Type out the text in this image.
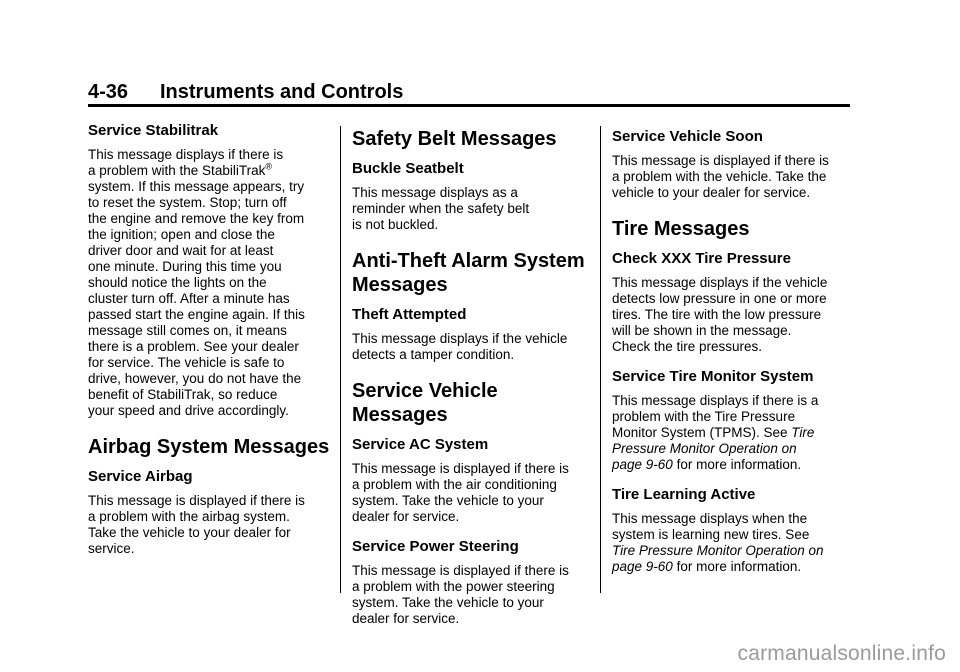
4-36 Instruments and Controls
Service Stabilitrak

This message displays if there is
a problem with the StabiliTrak®
system. If this message appears, try
to reset the system. Stop; turn off
the engine and remove the key from
the ignition; open and close the
driver door and wait for at least
one minute. During this time you
should notice the lights on the
cluster turn off. After a minute has
passed start the engine again. If this
message still comes on, it means
there is a problem. See your dealer
for service. The vehicle is safe to
drive, however, you do not have the
benefit of StabiliTrak, so reduce
your speed and drive accordingly.

Airbag System Messages
Service Airbag

This message is displayed if there is
a problem with the airbag system.
Take the vehicle to your dealer for
service.

Safety Belt Messages
Buckle Seatbelt

This message displays as a
reminder when the safety belt
is not buckled.

Anti-Theft Alarm System
Messages
Theft Attempted

This message displays if the vehicle
detects a tamper condition.

Service Vehicle Messages
Service AC System

This message is displayed if there is
a problem with the air conditioning
system. Take the vehicle to your
dealer for service.

Service Power Steering

This message is displayed if there is
a problem with the power steering
system. Take the vehicle to your
dealer for service.

Service Vehicle Soon

This message is displayed if there is
a problem with the vehicle. Take the
vehicle to your dealer for service.

Tire Messages
Check XXX Tire Pressure

This message displays if the vehicle
detects low pressure in one or more
tires. The tire with the low pressure
will be shown in the message.
Check the tire pressures.

Service Tire Monitor System

This message displays if there is a
problem with the Tire Pressure
Monitor System (TPMS). See Tire
Pressure Monitor Operation on
page 9‑60 for more information.

Tire Learning Active

This message displays when the
system is learning new tires. See
Tire Pressure Monitor Operation on
page 9‑60 for more information.

carmanualsonline.info
